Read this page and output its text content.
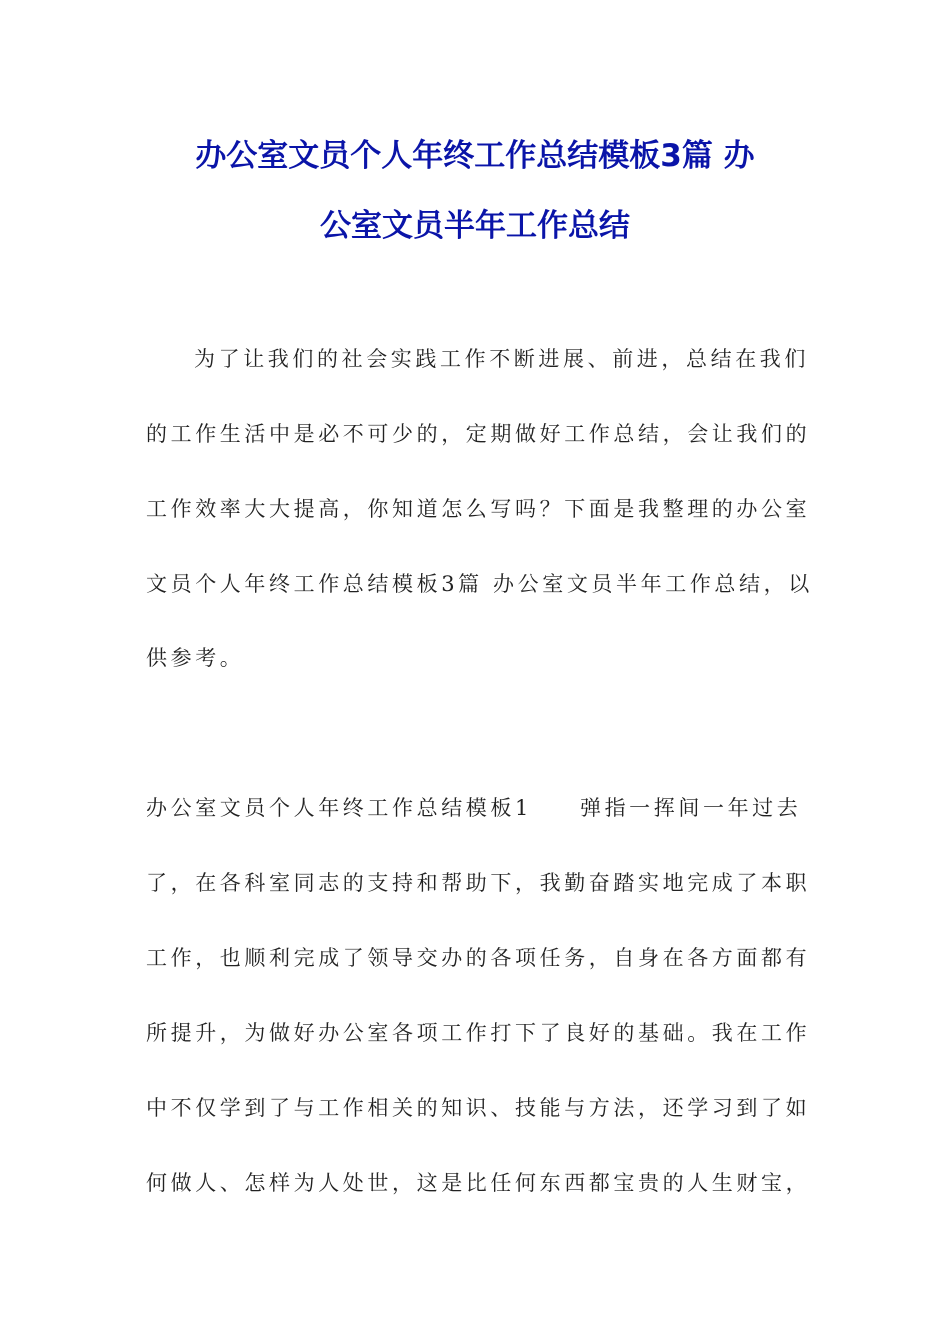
办公室文员个人年终工作总结模板3篇 办
公室文员半年工作总结
为了让我们的社会实践工作不断进展、前进，总结在我们
的工作生活中是必不可少的，定期做好工作总结，会让我们的
工作效率大大提高，你知道怎么写吗？下面是我整理的办公室
文员个人年终工作总结模板3篇 办公室文员半年工作总结，以
供参考。
办公室文员个人年终工作总结模板1 弹指一挥间一年过去
了，在各科室同志的支持和帮助下，我勤奋踏实地完成了本职
工作，也顺利完成了领导交办的各项任务，自身在各方面都有
所提升，为做好办公室各项工作打下了良好的基础。我在工作
中不仅学到了与工作相关的知识、技能与方法，还学习到了如
何做人、怎样为人处世，这是比任何东西都宝贵的人生财宝，
